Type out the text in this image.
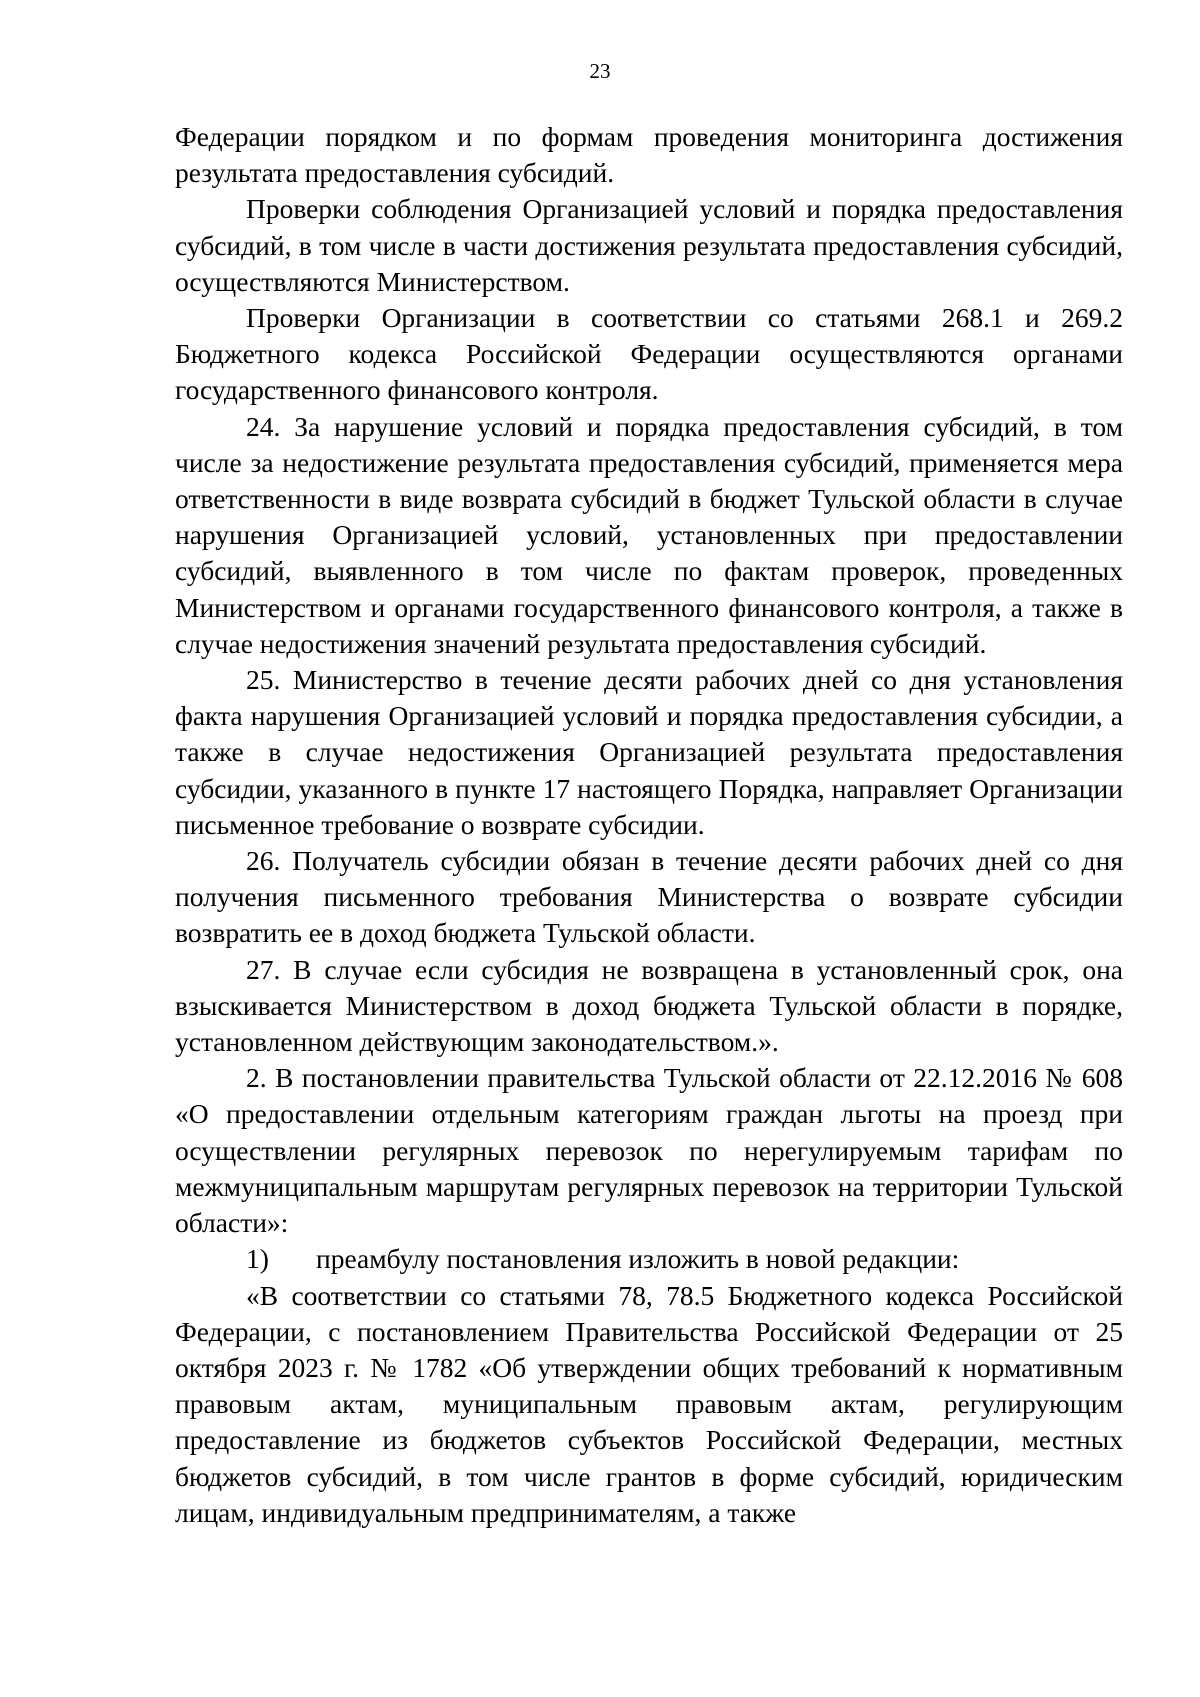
23

Федерации порядком и по формам проведения мониторинга достижения результата предоставления субсидий.

Проверки соблюдения Организацией условий и порядка предоставления субсидий, в том числе в части достижения результата предоставления субсидий, осуществляются Министерством.

Проверки Организации в соответствии со статьями 268.1 и 269.2 Бюджетного кодекса Российской Федерации осуществляются органами государственного финансового контроля.

24. За нарушение условий и порядка предоставления субсидий, в том числе за недостижение результата предоставления субсидий, применяется мера ответственности в виде возврата субсидий в бюджет Тульской области в случае нарушения Организацией условий, установленных при предоставлении субсидий, выявленного в том числе по фактам проверок, проведенных Министерством и органами государственного финансового контроля, а также в случае недостижения значений результата предоставления субсидий.

25. Министерство в течение десяти рабочих дней со дня установления факта нарушения Организацией условий и порядка предоставления субсидии, а также в случае недостижения Организацией результата предоставления субсидии, указанного в пункте 17 настоящего Порядка, направляет Организации письменное требование о возврате субсидии.

26. Получатель субсидии обязан в течение десяти рабочих дней со дня получения письменного требования Министерства о возврате субсидии возвратить ее в доход бюджета Тульской области.

27. В случае если субсидия не возвращена в установленный срок, она взыскивается Министерством в доход бюджета Тульской области в порядке, установленном действующим законодательством.».

2. В постановлении правительства Тульской области от 22.12.2016 № 608 «О предоставлении отдельным категориям граждан льготы на проезд при осуществлении регулярных перевозок по нерегулируемым тарифам по межмуниципальным маршрутам регулярных перевозок на территории Тульской области»:

1) преамбулу постановления изложить в новой редакции:

«В соответствии со статьями 78, 78.5 Бюджетного кодекса Российской Федерации, с постановлением Правительства Российской Федерации от 25 октября 2023 г. № 1782 «Об утверждении общих требований к нормативным правовым актам, муниципальным правовым актам, регулирующим предоставление из бюджетов субъектов Российской Федерации, местных бюджетов субсидий, в том числе грантов в форме субсидий, юридическим лицам, индивидуальным предпринимателям, а также
